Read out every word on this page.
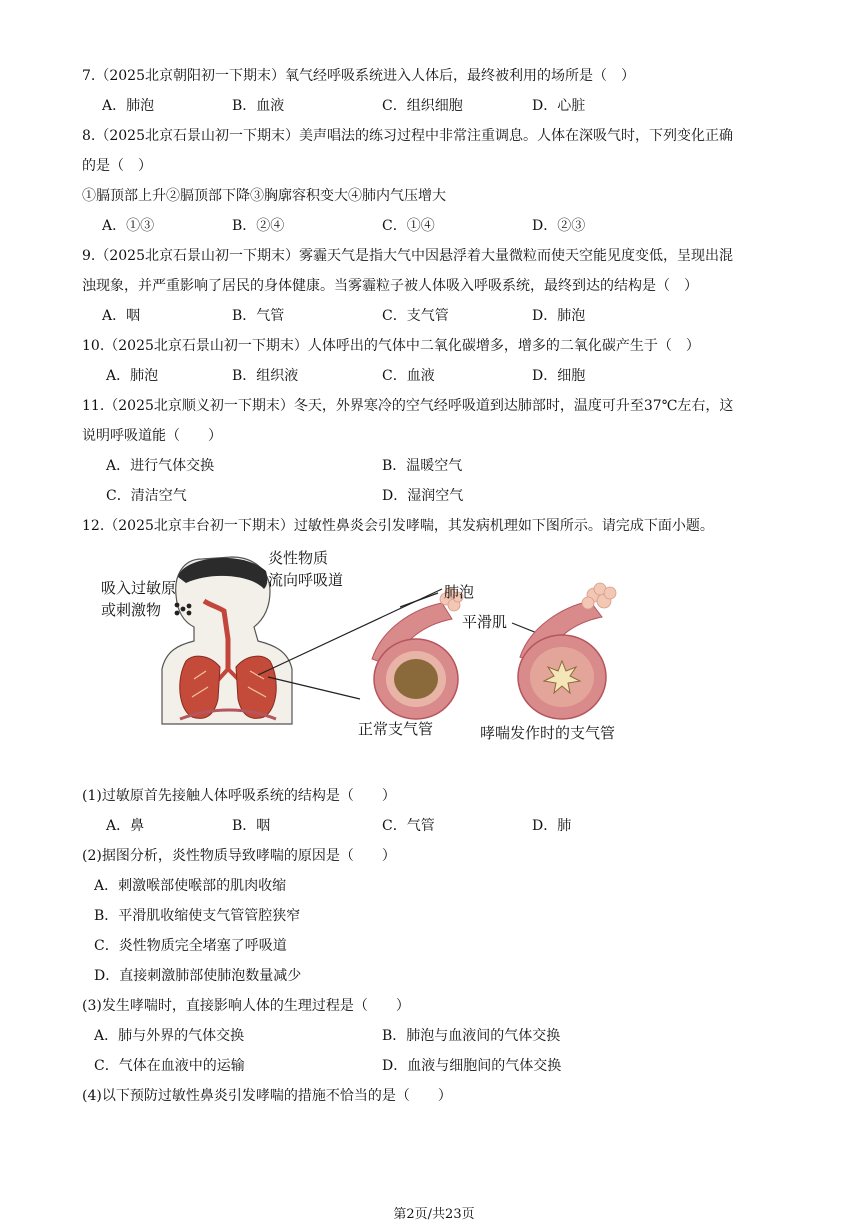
7.（2025北京朝阳初一下期末）氧气经呼吸系统进入人体后，最终被利用的场所是（　）
A．肺泡	B．血液	C．组织细胞	D．心脏
8.（2025北京石景山初一下期末）美声唱法的练习过程中非常注重调息。人体在深吸气时，下列变化正确
的是（　）
①膈顶部上升②膈顶部下降③胸廓容积变大④肺内气压增大
A．①③	B．②④	C．①④	D．②③
9.（2025北京石景山初一下期末）雾霾天气是指大气中因悬浮着大量微粒而使天空能见度变低，呈现出混
浊现象，并严重影响了居民的身体健康。当雾霾粒子被人体吸入呼吸系统，最终到达的结构是（　）
A．咽	B．气管	C．支气管	D．肺泡
10.（2025北京石景山初一下期末）人体呼出的气体中二氧化碳增多，增多的二氧化碳产生于（　）
A．肺泡	B．组织液	C．血液	D．细胞
11.（2025北京顺义初一下期末）冬天，外界寒冷的空气经呼吸道到达肺部时，温度可升至37℃左右，这
说明呼吸道能（　　）
A．进行气体交换	B．温暖空气
C．清洁空气	D．湿润空气
12.（2025北京丰台初一下期末）过敏性鼻炎会引发哮喘，其发病机理如下图所示。请完成下面小题。
吸入过敏原
或刺激物
炎性物质
流向呼吸道
肺泡
平滑肌
正常支气管	哮喘发作时的支气管
(1)过敏原首先接触人体呼吸系统的结构是（　　）
A．鼻	B．咽	C．气管	D．肺
(2)据图分析，炎性物质导致哮喘的原因是（　　）
A．刺激喉部使喉部的肌肉收缩
B．平滑肌收缩使支气管管腔狭窄
C．炎性物质完全堵塞了呼吸道
D．直接刺激肺部使肺泡数量减少
(3)发生哮喘时，直接影响人体的生理过程是（　　）
A．肺与外界的气体交换	B．肺泡与血液间的气体交换
C．气体在血液中的运输	D．血液与细胞间的气体交换
(4)以下预防过敏性鼻炎引发哮喘的措施不恰当的是（　　）
第2页/共23页
